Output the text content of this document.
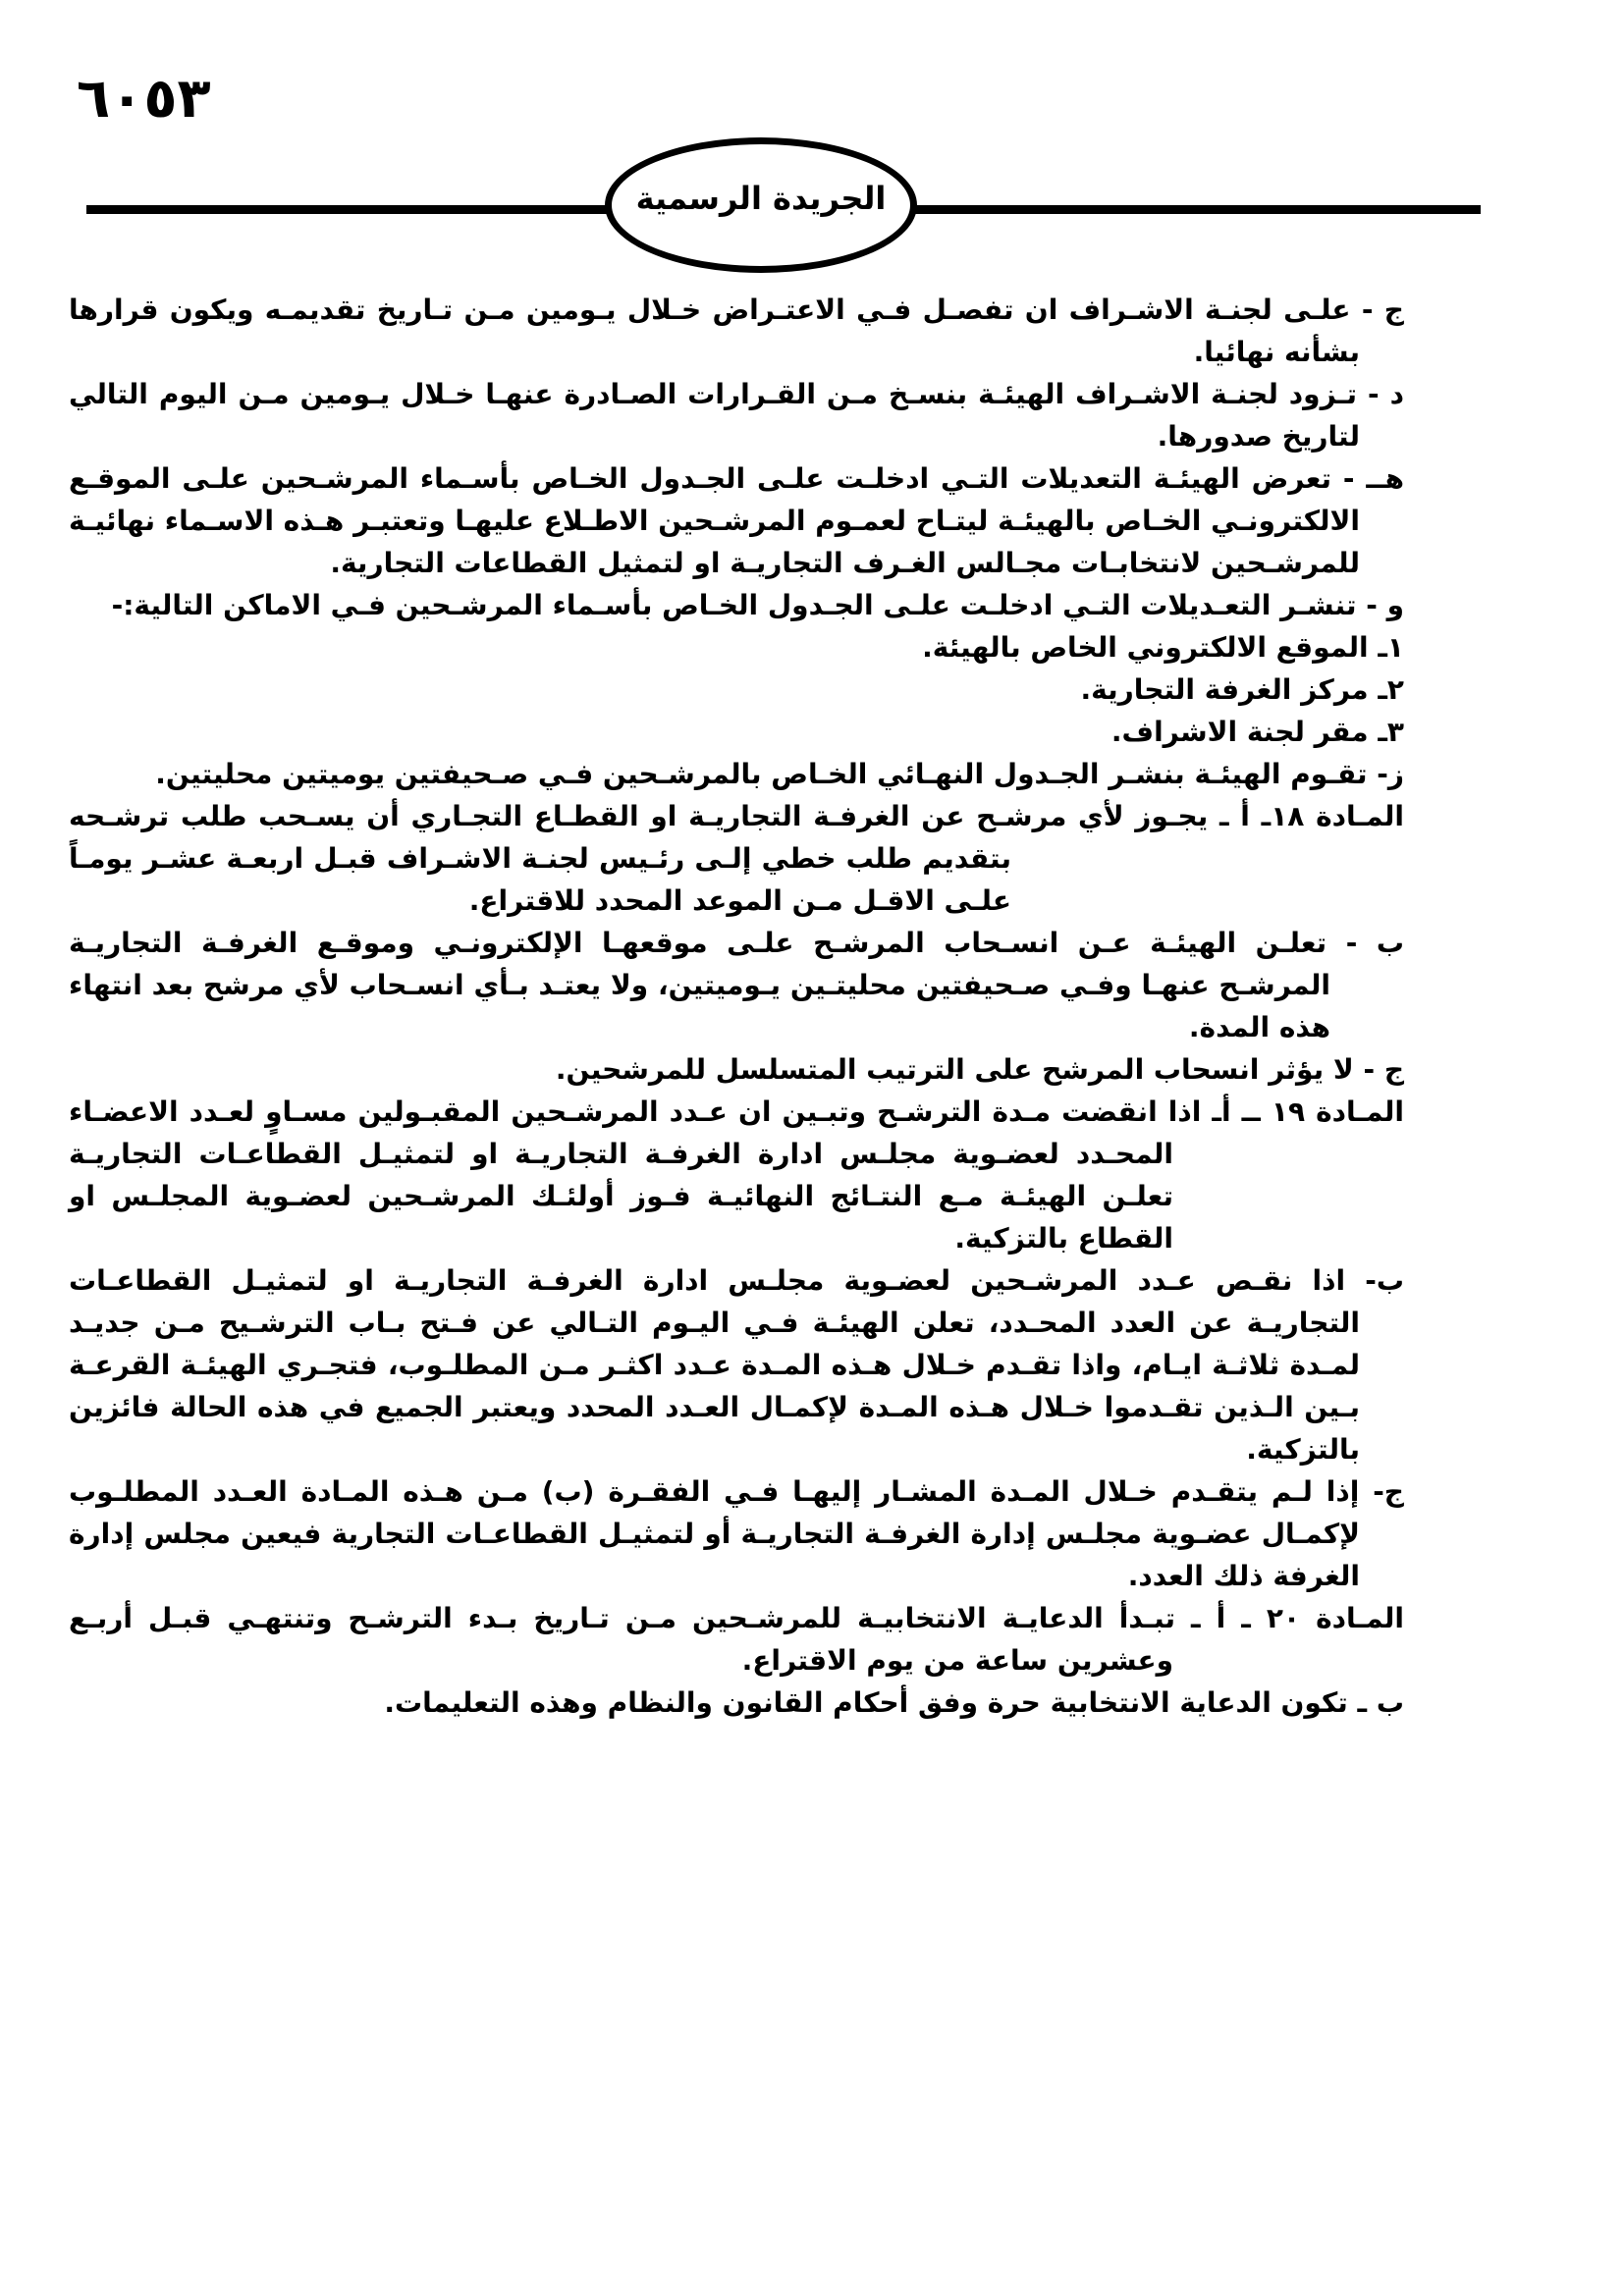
٦٠٥٣
الجريدة الرسمية

ج - علـى لجنـة الاشـراف ان تفصـل فـي الاعتـراض خـلال يـومين مـن تـاريخ تقديمـه ويكون قرارها بشأنه نهائيا.

د - تـزود لجنـة الاشـراف الهيئـة بنسـخ مـن القـرارات الصـادرة عنهـا خـلال يـومين مـن اليوم التالي لتاريخ صدورها.

هــ - تعرض الهيئـة التعديلات التـي ادخلـت علـى الجـدول الخـاص بأسـماء المرشـحين علـى الموقـع الالكترونـي الخـاص بالهيئـة ليتـاح لعمـوم المرشـحين الاطـلاع عليهـا وتعتبـر هـذه الاسـماء نهائيـة للمرشـحين لانتخابـات مجـالس الغـرف التجاريـة او لتمثيل القطاعات التجارية.

و - تنشـر التعـديلات التـي ادخلـت علـى الجـدول الخـاص بأسـماء المرشـحين فـي الاماكن التالية:-

١ـ الموقع الالكتروني الخاص بالهيئة.

٢ـ مركز الغرفة التجارية.

٣ـ مقر لجنة الاشراف.

ز- تقـوم الهيئـة بنشـر الجـدول النهـائي الخـاص بالمرشـحين فـي صـحيفتين يوميتين محليتين.

المـادة ١٨ـ أ ـ يجـوز لأي مرشـح عن الغرفـة التجاريـة او القطـاع التجـاري أن يسـحب طلب ترشـحه بتقديم طلب خطي إلـى رئـيس لجنـة الاشـراف قبـل اربعـة عشـر يومـاً علـى الاقـل مـن الموعد المحدد للاقتراع.

ب - تعلـن الهيئـة عـن انسـحاب المرشـح علـى موقعهـا الإلكترونـي وموقـع الغرفـة التجاريـة المرشـح عنهـا وفـي صـحيفتين محليتـين يـوميتين، ولا يعتـد بـأي انسـحاب لأي مرشح بعد انتهاء هذه المدة.

ج - لا يؤثر انسحاب المرشح على الترتيب المتسلسل للمرشحين.

المـادة ١٩ ــ أـ اذا انقضت مـدة الترشـح وتبـين ان عـدد المرشـحين المقبـولين مسـاوٍ لعـدد الاعضـاء المحـدد لعضـوية مجلـس ادارة الغرفـة التجاريـة او لتمثيـل القطاعـات التجاريـة تعلـن الهيئـة مـع النتـائج النهائيـة فـوز أولئـك المرشـحين لعضـوية المجلـس او القطاع بالتزكية.

ب- اذا نقـص عـدد المرشـحين لعضـوية مجلـس ادارة الغرفـة التجاريـة او لتمثيـل القطاعـات التجاريـة عن العدد المحـدد، تعلن الهيئـة فـي اليـوم التـالي عن فـتح بـاب الترشـيح مـن جديـد لمـدة ثلاثـة ايـام، واذا تقـدم خـلال هـذه المـدة عـدد اكثـر مـن المطلـوب، فتجـري الهيئـة القرعـة بـين الـذين تقـدموا خـلال هـذه المـدة لإكمـال العـدد المحدد ويعتبر الجميع في هذه الحالة فائزين بالتزكية.

ج- إذا لـم يتقـدم خـلال المـدة المشـار إليهـا فـي الفقـرة (ب) مـن هـذه المـادة العـدد المطلـوب لإكمـال عضـوية مجلـس إدارة الغرفـة التجاريـة أو لتمثيـل القطاعـات التجارية فيعين مجلس إدارة الغرفة ذلك العدد.

المـادة ٢٠ ـ أ ـ تبـدأ الدعايـة الانتخابيـة للمرشـحين مـن تـاريخ بـدء الترشـح وتنتهـي قبـل أربـع وعشرين ساعة من يوم الاقتراع.

ب ـ تكون الدعاية الانتخابية حرة وفق أحكام القانون والنظام وهذه التعليمات.
